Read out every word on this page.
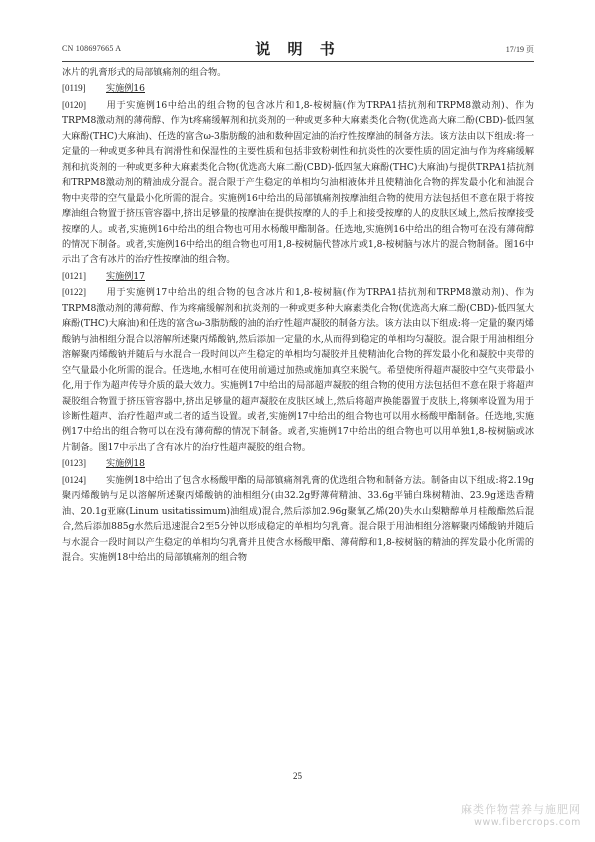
CN 108697665 A	说 明 书	17/19 页

冰片的乳膏形式的局部镇痛剂的组合物。

[0119] 实施例16

[0120] 用于实施例16中给出的组合物的包含冰片和1,8-桉树脑(作为TRPA1拮抗剂和TRPM8激动剂)、作为TRPM8激动剂的薄荷醇、作为t疼痛缓解剂和抗炎剂的一种或更多种大麻素类化合物(优选高大麻二酚(CBD)-低四氢大麻酚(THC)大麻油)、任选的富含ω-3脂肪酸的油和数种固定油的治疗性按摩油的制备方法。该方法由以下组成:将一定量的一种或更多种具有润滑性和保湿性的主要性质和包括非致粉刺性和抗炎性的次要性质的固定油与作为疼痛缓解剂和抗炎剂的一种或更多种大麻素类化合物(优选高大麻二酚(CBD)-低四氢大麻酚(THC)大麻油)与提供TRPA1拮抗剂和TRPM8激动剂的精油成分混合。混合限于产生稳定的单相均匀油相液体并且使精油化合物的挥发最小化和油混合物中夹带的空气量最小化所需的混合。实施例16中给出的局部镇痛剂按摩油组合物的使用方法包括但不意在限于将按摩油组合物置于挤压管容器中,挤出足够量的按摩油在提供按摩的人的手上和接受按摩的人的皮肤区域上,然后按摩接受按摩的人。或者,实施例16中给出的组合物也可用水杨酸甲酯制备。任选地,实施例16中给出的组合物可在没有薄荷醇的情况下制备。或者,实施例16中给出的组合物也可用1,8-桉树脑代替冰片或1,8-桉树脑与冰片的混合物制备。图16中示出了含有冰片的治疗性按摩油的组合物。

[0121] 实施例17

[0122] 用于实施例17中给出的组合物的包含冰片和1,8-桉树脑(作为TRPA1拮抗剂和TRPM8激动剂)、作为TRPM8激动剂的薄荷醇、作为疼痛缓解剂和抗炎剂的一种或更多种大麻素类化合物(优选高大麻二酚(CBD)-低四氢大麻酚(THC)大麻油)和任选的富含ω-3脂肪酸的油的治疗性超声凝胶的制备方法。该方法由以下组成:将一定量的聚丙烯酸钠与油相组分混合以溶解所述聚丙烯酸钠,然后添加一定量的水,从而得到稳定的单相均匀凝胶。混合限于用油相组分溶解聚丙烯酸钠并随后与水混合一段时间以产生稳定的单相均匀凝胶并且使精油化合物的挥发最小化和凝胶中夹带的空气量最小化所需的混合。任选地,水相可在使用前通过加热或施加真空来脱气。希望使所得超声凝胶中空气夹带最小化,用于作为超声传导介质的最大效力。实施例17中给出的局部超声凝胶的组合物的使用方法包括但不意在限于将超声凝胶组合物置于挤压管容器中,挤出足够量的超声凝胶在皮肤区域上,然后将超声换能器置于皮肤上,将频率设置为用于诊断性超声、治疗性超声或二者的适当设置。或者,实施例17中给出的组合物也可以用水杨酸甲酯制备。任选地,实施例17中给出的组合物可以在没有薄荷醇的情况下制备。或者,实施例17中给出的组合物也可以用单独1,8-桉树脑或冰片制备。图17中示出了含有冰片的治疗性超声凝胶的组合物。

[0123] 实施例18

[0124] 实施例18中给出了包含水杨酸甲酯的局部镇痛剂乳膏的优选组合物和制备方法。制备由以下组成:将2.19g聚丙烯酸钠与足以溶解所述聚丙烯酸钠的油相组分(由32.2g野薄荷精油、33.6g平铺白珠树精油、23.9g迷迭香精油、20.1g亚麻(Linum usitatissimum)油组成)混合,然后添加2.96g聚氧乙烯(20)失水山梨糖醇单月桂酸酯然后混合,然后添加885g水然后迅速混合2至5分钟以形成稳定的单相均匀乳膏。混合限于用油相组分溶解聚丙烯酸钠并随后与水混合一段时间以产生稳定的单相均匀乳膏并且使含水杨酸甲酯、薄荷醇和1,8-桉树脑的精油的挥发最小化所需的混合。实施例18中给出的局部镇痛剂的组合物

25
麻类作物营养与施肥网
www.fibercrops.com
